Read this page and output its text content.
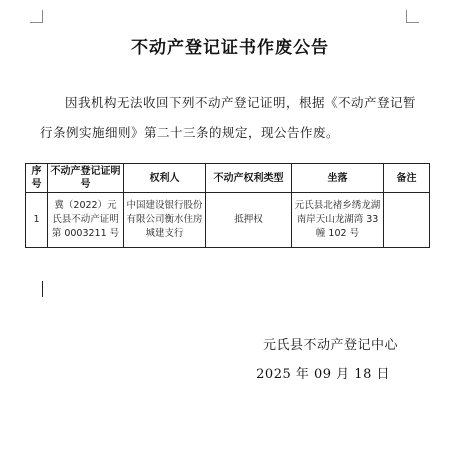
不动产登记证书作废公告

因我机构无法收回下列不动产登记证明，根据《不动产登记暂行条例实施细则》第二十三条的规定，现公告作废。

序号	不动产登记证明号	权利人	不动产权利类型	坐落	备注
1	冀（2022）元氏县不动产证明第 0003211 号	中国建设银行股份有限公司衡水住房城建支行	抵押权	元氏县北褚乡绣龙湖南岸天山龙湖湾 33 幢 102 号	
元氏县不动产登记中心
2025 年 09 月 18 日
